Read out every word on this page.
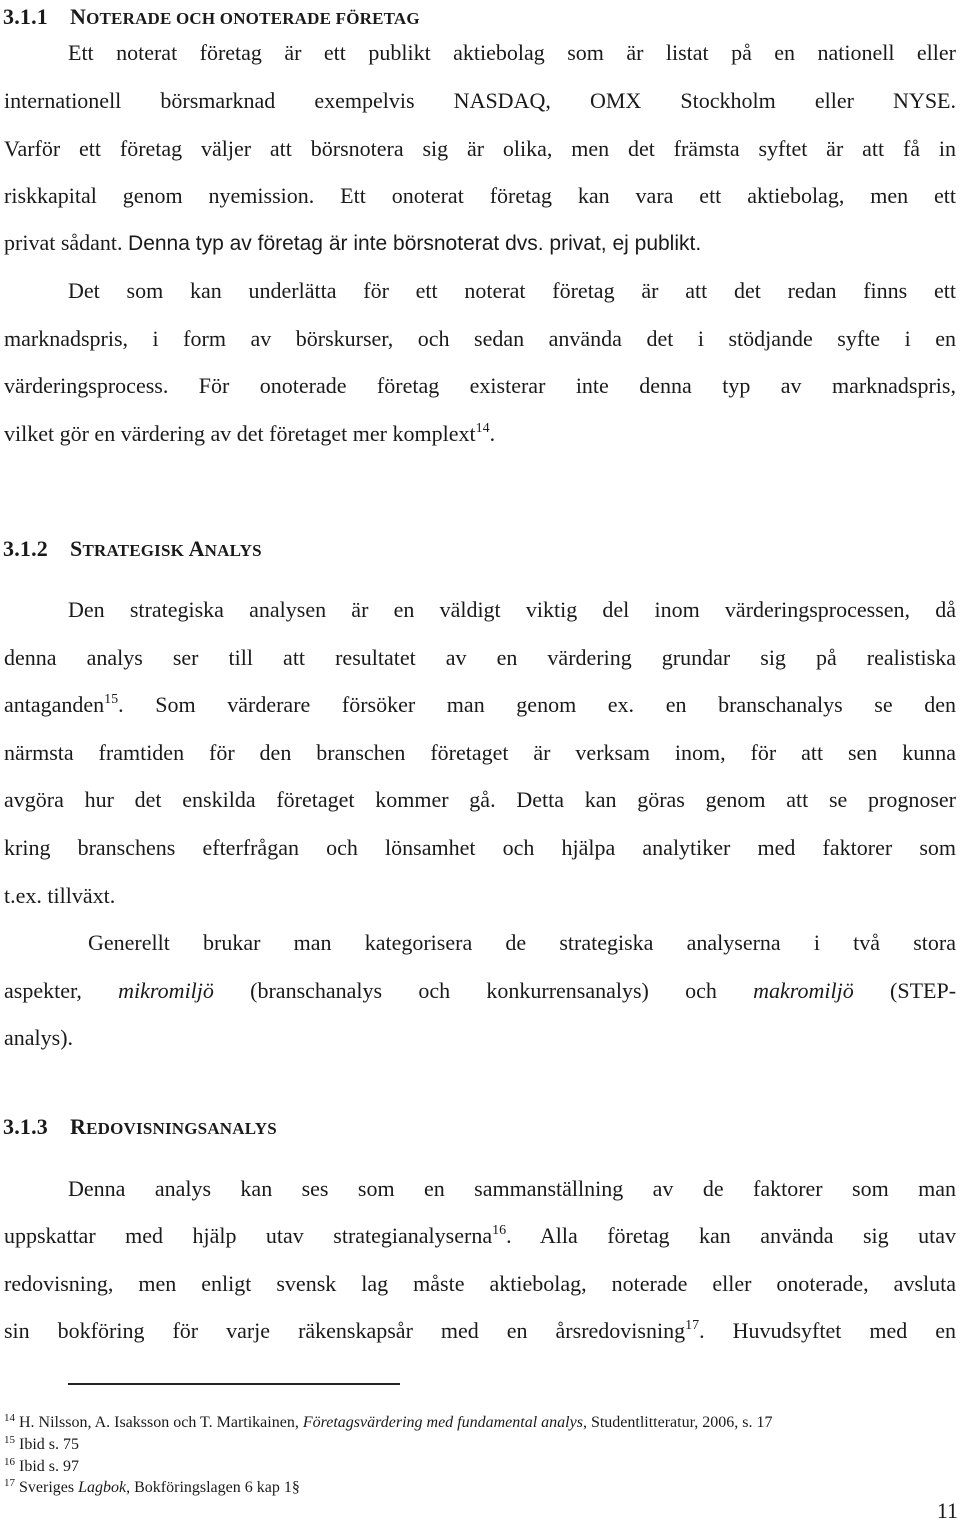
3.1.1 NOTERADE OCH ONOTERADE FÖRETAG
Ett noterat företag är ett publikt aktiebolag som är listat på en nationell eller
internationell börsmarknad exempelvis NASDAQ, OMX Stockholm eller NYSE.
Varför ett företag väljer att börsnotera sig är olika, men det främsta syftet är att få in
riskkapital genom nyemission. Ett onoterat företag kan vara ett aktiebolag, men ett
privat sådant. Denna typ av företag är inte börsnoterat dvs. privat, ej publikt.
Det som kan underlätta för ett noterat företag är att det redan finns ett
marknadspris, i form av börskurser, och sedan använda det i stödjande syfte i en
värderingsprocess. För onoterade företag existerar inte denna typ av marknadspris,
vilket gör en värdering av det företaget mer komplext$^{14}$.
3.1.2 STRATEGISK ANALYS
Den strategiska analysen är en väldigt viktig del inom värderingsprocessen, då
denna analys ser till att resultatet av en värdering grundar sig på realistiska
antaganden$^{15}$. Som värderare försöker man genom ex. en branschanalys se den
närmsta framtiden för den branschen företaget är verksam inom, för att sen kunna
avgöra hur det enskilda företaget kommer gå. Detta kan göras genom att se prognoser
kring branschens efterfrågan och lönsamhet och hjälpa analytiker med faktorer som
t.ex. tillväxt.
Generellt brukar man kategorisera de strategiska analyserna i två stora
aspekter, mikromiljö (branschanalys och konkurrensanalys) och makromiljö (STEP-
analys).
3.1.3 REDOVISNINGSANALYS
Denna analys kan ses som en sammanställning av de faktorer som man
uppskattar med hjälp utav strategianalyserna$^{16}$. Alla företag kan använda sig utav
redovisning, men enligt svensk lag måste aktiebolag, noterade eller onoterade, avsluta
sin bokföring för varje räkenskapsår med en årsredovisning$^{17}$. Huvudsyftet med en
$^{14}$ H. Nilsson, A. Isaksson och T. Martikainen, Företagsvärdering med fundamental analys, Studentlitteratur, 2006, s. 17
$^{15}$ Ibid s. 75
$^{16}$ Ibid s. 97
$^{17}$ Sveriges Lagbok, Bokföringslagen 6 kap 1§
11
